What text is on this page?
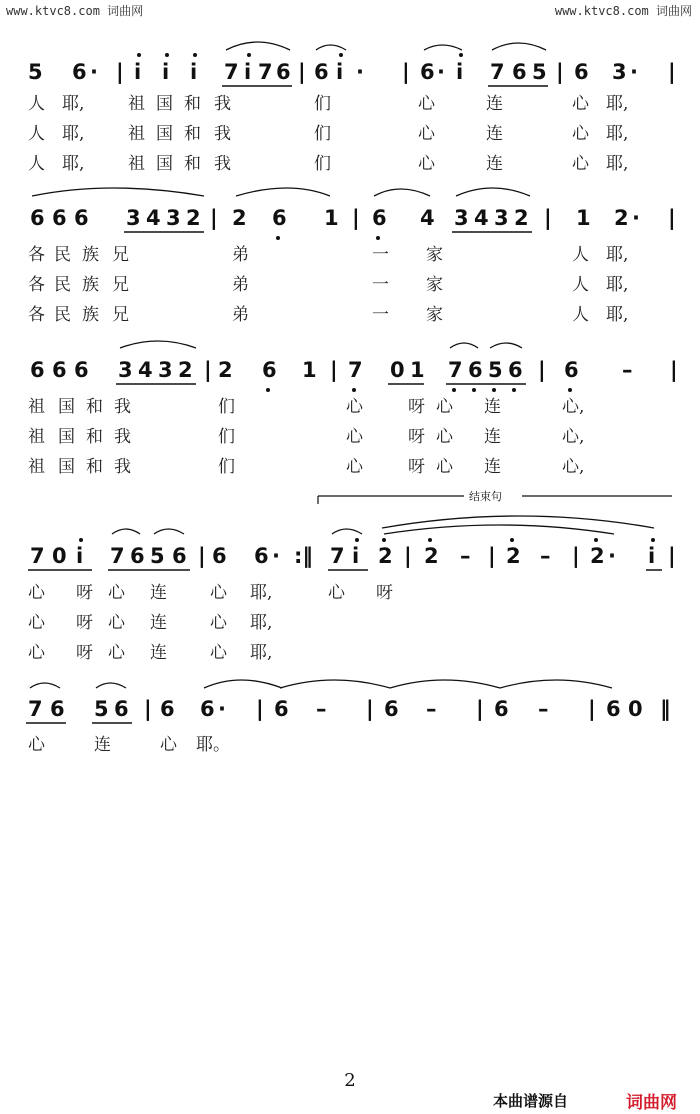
www.ktvc8.com 词曲网	www.ktvc8.com 词曲网
5 6 · | i i i 7 i 7 6 | 6 i · | 6 · i 7 6 5 | 6 3 · |
人 耶,	祖 国 和 我	们	心	连	心 耶,
人 耶,	祖 国 和 我	们	心	连	心 耶,
人 耶,	祖 国 和 我	们	心	连	心 耶,
6 6 6 3 4 3 2 | 2 6 1 | 6 4 3 4 3 2 | 1 2 · |
各 民 族 兄	弟	一 家	人 耶,
各 民 族 兄	弟	一 家	人 耶,
各 民 族 兄	弟	一 家	人 耶,
6 6 6 3 4 3 2 | 2 6 1 | 7 0 1 7 6 5 6 | 6 – |
祖 国 和 我	们	心	呀 心 连	心,
祖 国 和 我	们	心	呀 心 连	心,
祖 国 和 我	们	心	呀 心 连	心,
结束句
7 0 i 7 6 5 6 | 6 6 · :‖ 7 i 2 | 2 – | 2 – | 2 · i |
心 呀 心 连	心 耶,	心 呀
心 呀 心 连	心 耶,
心 呀 心 连	心 耶,
7 6 5 6 | 6 6 · | 6 – | 6 – | 6 – | 6 0 ‖
心	连	心 耶。
2
本曲谱源自	词曲网
